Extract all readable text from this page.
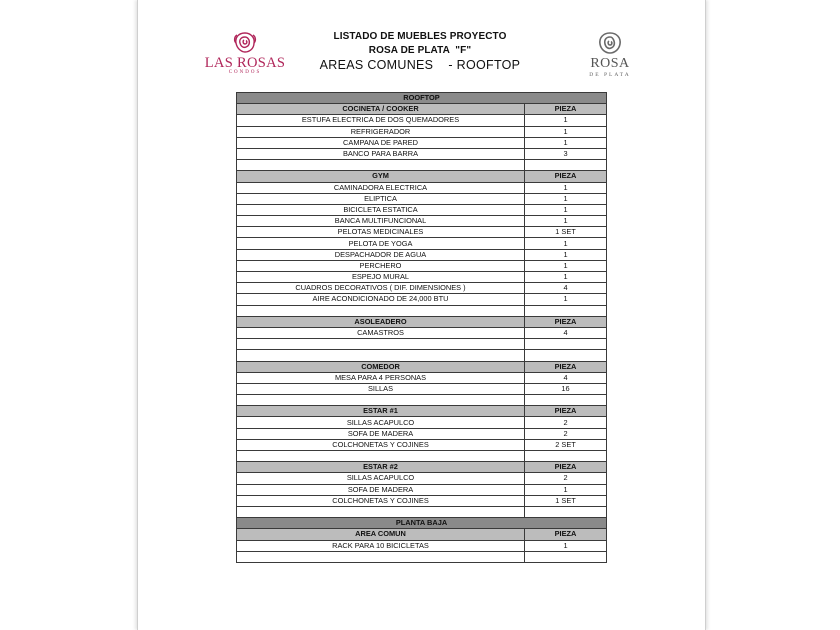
LAS ROSAS
CONDOS
LISTADO DE MUEBLES PROYECTO
ROSA DE PLATA  "F"
AREAS COMUNES    - ROOFTOP	ROSA
DE PLATA
ROOFTOP	
COCINETA / COOKER	PIEZA
ESTUFA ELECTRICA DE DOS QUEMADORES	1
REFRIGERADOR	1
CAMPANA DE PARED	1
BANCO PARA BARRA	3

GYM	PIEZA
CAMINADORA ELECTRICA	1
ELIPTICA	1
BICICLETA ESTATICA	1
BANCA MULTIFUNCIONAL	1
PELOTAS MEDICINALES	1 SET
PELOTA DE YOGA	1
DESPACHADOR DE AGUA	1
PERCHERO	1
ESPEJO MURAL	1
CUADROS DECORATIVOS ( DIF. DIMENSIONES )	4
AIRE ACONDICIONADO DE 24,000 BTU	1

ASOLEADERO	PIEZA
CAMASTROS	4

COMEDOR	PIEZA
MESA PARA 4 PERSONAS	4
SILLAS	16

ESTAR #1	PIEZA
SILLAS ACAPULCO	2
SOFA DE MADERA	2
COLCHONETAS Y COJINES	2 SET

ESTAR #2	PIEZA
SILLAS ACAPULCO	2
SOFA DE MADERA	1
COLCHONETAS Y COJINES	1 SET

PLANTA BAJA	
AREA COMUN	PIEZA
RACK PARA 10 BICICLETAS	1
